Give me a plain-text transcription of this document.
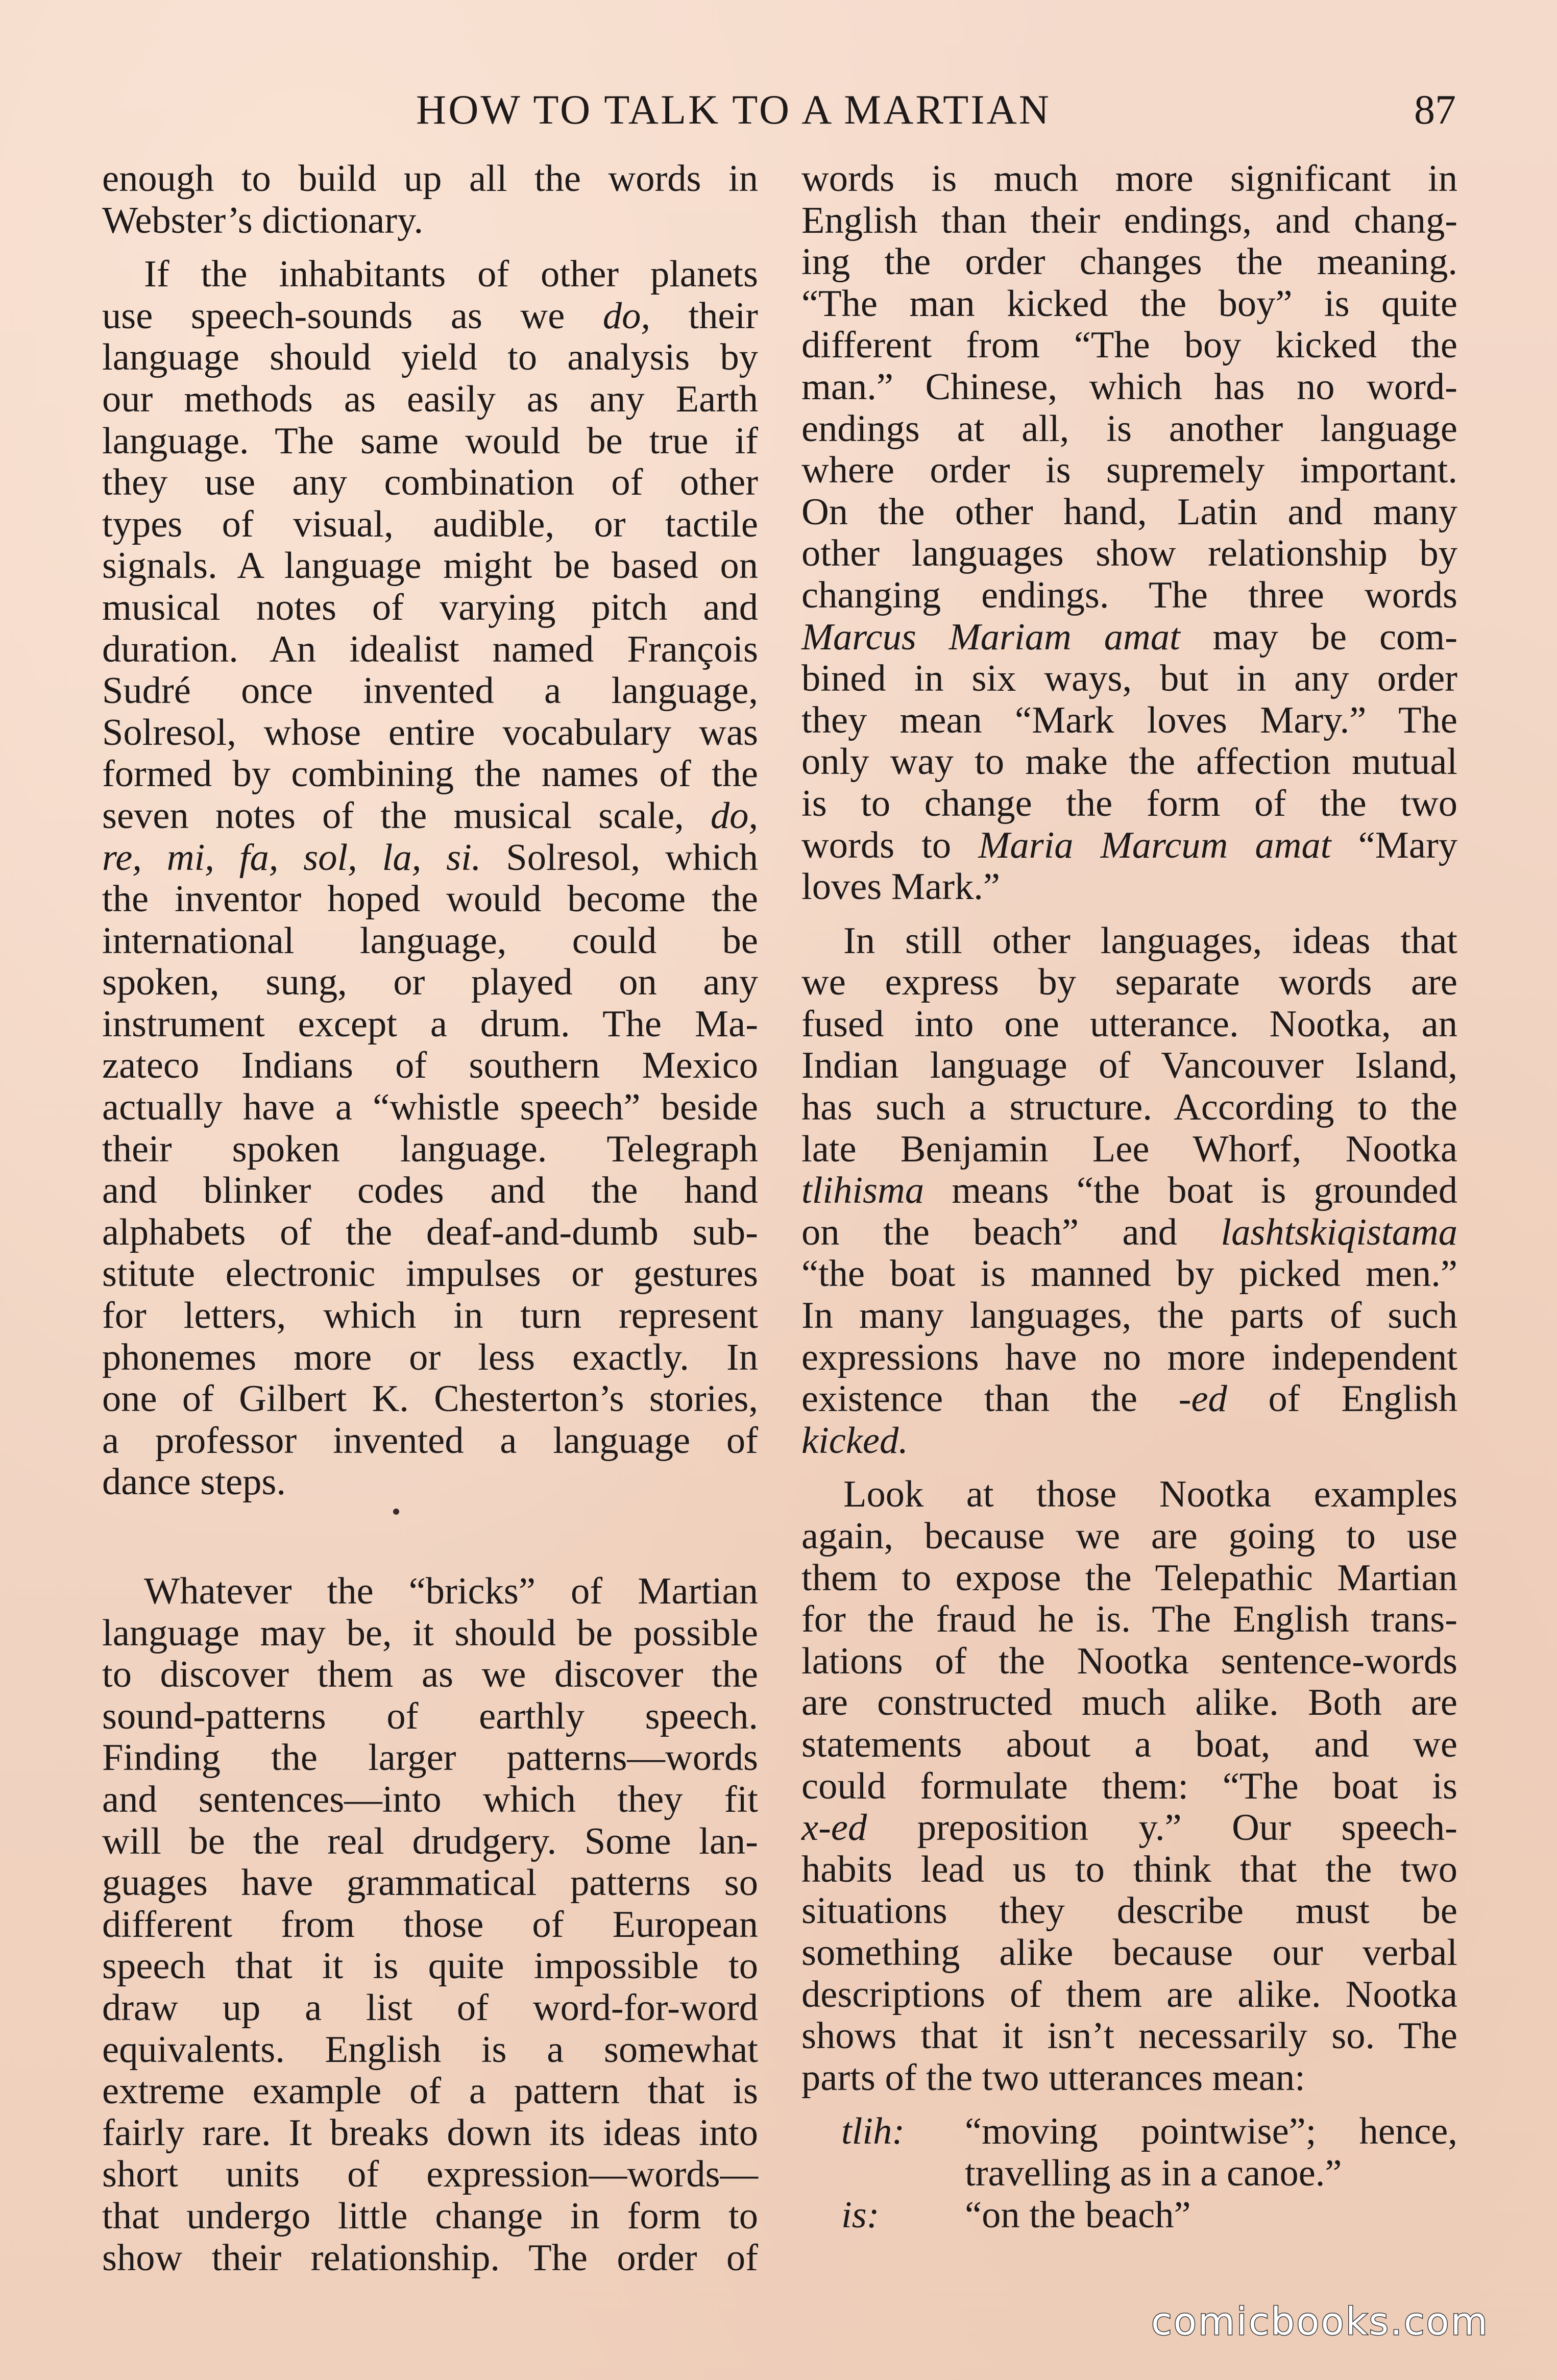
HOW TO TALK TO A MARTIAN	87
enough to build up all the words in
Webster’s dictionary.
If the inhabitants of other planets
use speech-sounds as we do, their
language should yield to analysis by
our methods as easily as any Earth
language. The same would be true if
they use any combination of other
types of visual, audible, or tactile
signals. A language might be based on
musical notes of varying pitch and
duration. An idealist named François
Sudré once invented a language,
Solresol, whose entire vocabulary was
formed by combining the names of the
seven notes of the musical scale, do,
re, mi, fa, sol, la, si. Solresol, which
the inventor hoped would become the
international language, could be
spoken, sung, or played on any
instrument except a drum. The Ma-
zateco Indians of southern Mexico
actually have a “whistle speech” beside
their spoken language. Telegraph
and blinker codes and the hand
alphabets of the deaf-and-dumb sub-
stitute electronic impulses or gestures
for letters, which in turn represent
phonemes more or less exactly. In
one of Gilbert K. Chesterton’s stories,
a professor invented a language of
dance steps.
Whatever the “bricks” of Martian
language may be, it should be possible
to discover them as we discover the
sound-patterns of earthly speech.
Finding the larger patterns—words
and sentences—into which they fit
will be the real drudgery. Some lan-
guages have grammatical patterns so
different from those of European
speech that it is quite impossible to
draw up a list of word-for-word
equivalents. English is a somewhat
extreme example of a pattern that is
fairly rare. It breaks down its ideas into
short units of expression—words—
that undergo little change in form to
show their relationship. The order of
words is much more significant in
English than their endings, and chang-
ing the order changes the meaning.
“The man kicked the boy” is quite
different from “The boy kicked the
man.” Chinese, which has no word-
endings at all, is another language
where order is supremely important.
On the other hand, Latin and many
other languages show relationship by
changing endings. The three words
Marcus Mariam amat may be com-
bined in six ways, but in any order
they mean “Mark loves Mary.” The
only way to make the affection mutual
is to change the form of the two
words to Maria Marcum amat “Mary
loves Mark.”
In still other languages, ideas that
we express by separate words are
fused into one utterance. Nootka, an
Indian language of Vancouver Island,
has such a structure. According to the
late Benjamin Lee Whorf, Nootka
tlihisma means “the boat is grounded
on the beach” and lashtskiqistama
“the boat is manned by picked men.”
In many languages, the parts of such
expressions have no more independent
existence than the -ed of English
kicked.
Look at those Nootka examples
again, because we are going to use
them to expose the Telepathic Martian
for the fraud he is. The English trans-
lations of the Nootka sentence-words
are constructed much alike. Both are
statements about a boat, and we
could formulate them: “The boat is
x-ed preposition y.” Our speech-
habits lead us to think that the two
situations they describe must be
something alike because our verbal
descriptions of them are alike. Nootka
shows that it isn’t necessarily so. The
parts of the two utterances mean:
tlih: “moving pointwise”; hence,
travelling as in a canoe.”
is: “on the beach”
comicbooks.com
